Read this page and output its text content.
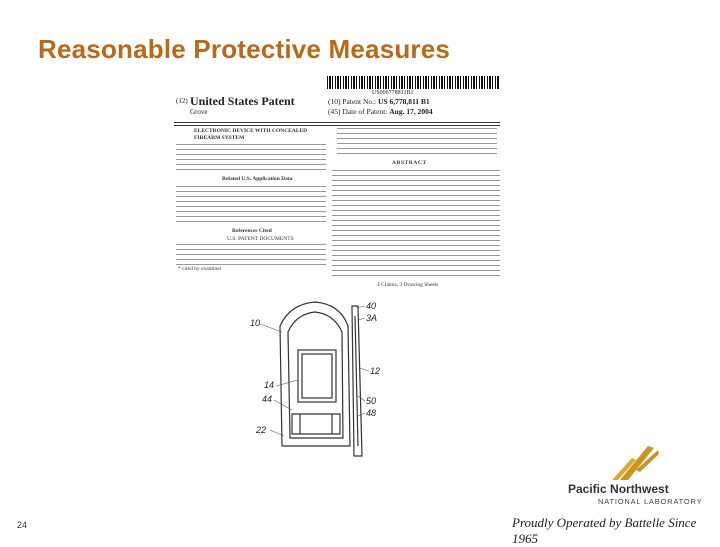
Reasonable Protective Measures
US006778811B1
(12) United States Patent
Grove
(10) Patent No.: US 6,778,811 B1
(45) Date of Patent: Aug. 17, 2004
ELECTRONIC DEVICE WITH CONCEALED FIREARM SYSTEM
Related U.S. Application Data
References Cited
U.S. PATENT DOCUMENTS
* cited by examiner
ABSTRACT
4 Claims, 3 Drawing Sheets
10
40
3A
12
14
44
22
50
48
24
Pacific Northwest
NATIONAL LABORATORY
Proudly Operated by Battelle Since 1965
